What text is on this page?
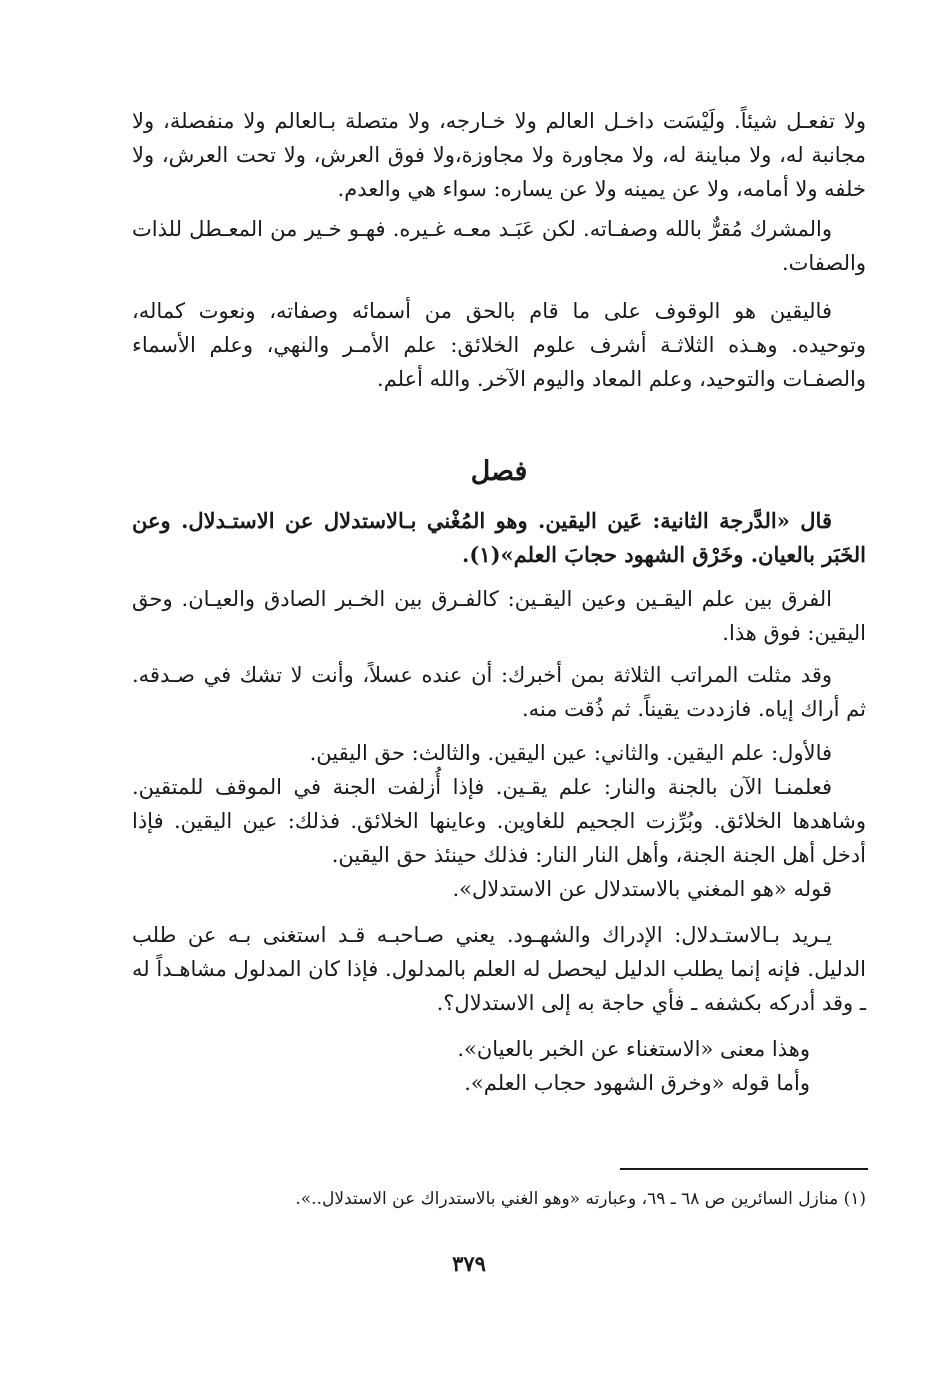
ولا تفعـل شيئاً. ولَيْسَت داخـل العالم ولا خـارجه، ولا متصلة بـالعالم ولا منفصلة، ولا مجانبة له، ولا مباينة له، ولا مجاورة ولا مجاوزة،ولا فوق العرش، ولا تحت العرش، ولا خلفه ولا أمامه، ولا عن يمينه ولا عن يساره: سواء هي والعدم.

والمشرك مُقرٌّ بالله وصفـاته. لكن عَبَـد معـه غـيره. فهـو خـير من المعـطل للذات والصفات.

فاليقين هو الوقوف على ما قام بالحق من أسمائه وصفاته، ونعوت كماله، وتوحيده. وهـذه الثلاثـة أشرف علوم الخلائق: علم الأمـر والنهي، وعلم الأسماء والصفـات والتوحيد، وعلم المعاد واليوم الآخر. والله أعلم.

فصل

قال «الدَّرجة الثانية: عَين اليقين. وهو المُغْني بـالاستدلال عن الاستـدلال. وعن الخَبَر بالعيان. وخَرْق الشهود حجابَ العلم»(١).

الفرق بين علم اليقـين وعين اليقـين: كالفـرق بين الخـبر الصادق والعيـان. وحق اليقين: فوق هذا.

وقد مثلت المراتب الثلاثة بمن أخبرك: أن عنده عسلاً، وأنت لا تشك في صـدقه. ثم أراك إياه. فازددت يقيناً. ثم ذُقت منه.

فالأول: علم اليقين. والثاني: عين اليقين. والثالث: حق اليقين.

فعلمنـا الآن بالجنة والنار: علم يقـين. فإذا أُزلفت الجنة في الموقف للمتقين. وشاهدها الخلائق. وبُرِّزت الجحيم للغاوين. وعاينها الخلائق. فذلك: عين اليقين. فإذا أدخل أهل الجنة الجنة، وأهل النار النار: فذلك حينئذ حق اليقين.

قوله «هو المغني بالاستدلال عن الاستدلال».

يـريد بـالاستـدلال: الإدراك والشهـود. يعني صـاحبـه قـد استغنى بـه عن طلب الدليل. فإنه إنما يطلب الدليل ليحصل له العلم بالمدلول. فإذا كان المدلول مشاهـداً له ـ وقد أدركه بكشفه ـ فأي حاجة به إلى الاستدلال؟.

وهذا معنى «الاستغناء عن الخبر بالعيان».

وأما قوله «وخرق الشهود حجاب العلم».

(١) منازل السائرين ص ٦٨ ـ ٦٩، وعبارته «وهو الغني بالاستدراك عن الاستدلال..».
٣٧٩
